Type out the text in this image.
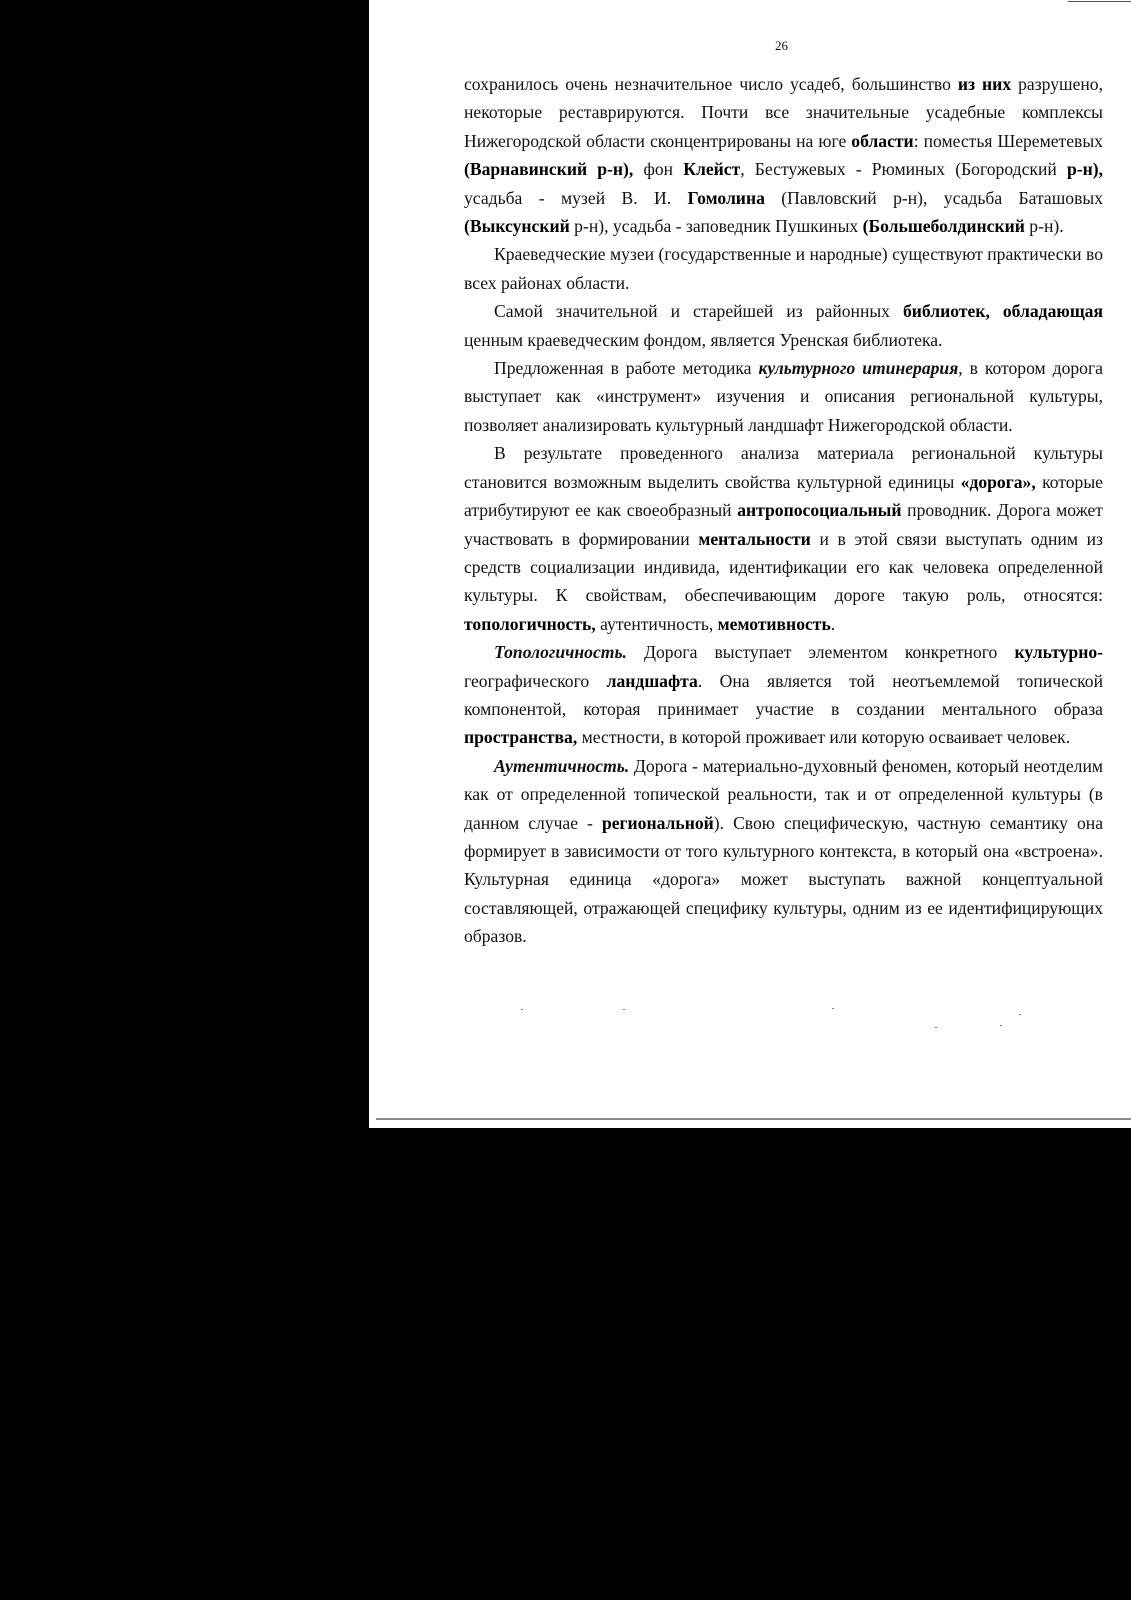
26

сохранилось очень незначительное число усадеб, большинство из них разрушено, некоторые реставрируются. Почти все значительные усадебные комплексы Нижегородской области сконцентрированы на юге области: поместья Шереметевых (Варнавинский р-н), фон Клейст, Бестужевых - Рюминых (Богородский р-н), усадьба - музей В. И. Гомолина (Павловский р-н), усадьба Баташовых (Выксунский р-н), усадьба - заповедник Пушкиных (Большеболдинский р-н).

Краеведческие музеи (государственные и народные) существуют практически во всех районах области.

Самой значительной и старейшей из районных библиотек, обладающая ценным краеведческим фондом, является Уренская библиотека.

Предложенная в работе методика культурного итинерария, в котором дорога выступает как «инструмент» изучения и описания региональной культуры, позволяет анализировать культурный ландшафт Нижегородской области.

В результате проведенного анализа материала региональной культуры становится возможным выделить свойства культурной единицы «дорога», которые атрибутируют ее как своеобразный антропосоциальный проводник. Дорога может участвовать в формировании ментальности и в этой связи выступать одним из средств социализации индивида, идентификации его как человека определенной культуры. К свойствам, обеспечивающим дороге такую роль, относятся: топологичность, аутентичность, мемотивность.

Топологичность. Дорога выступает элементом конкретного культурно-географического ландшафта. Она является той неотъемлемой топической компонентой, которая принимает участие в создании ментального образа пространства, местности, в которой проживает или которую осваивает человек.

Аутентичность. Дорога - материально-духовный феномен, который неотделим как от определенной топической реальности, так и от определенной культуры (в данном случае - региональной). Свою специфическую, частную семантику она формирует в зависимости от того культурного контекста, в который она «встроена». Культурная единица «дорога» может выступать важной концептуальной составляющей, отражающей специфику культуры, одним из ее идентифицирующих образов.
